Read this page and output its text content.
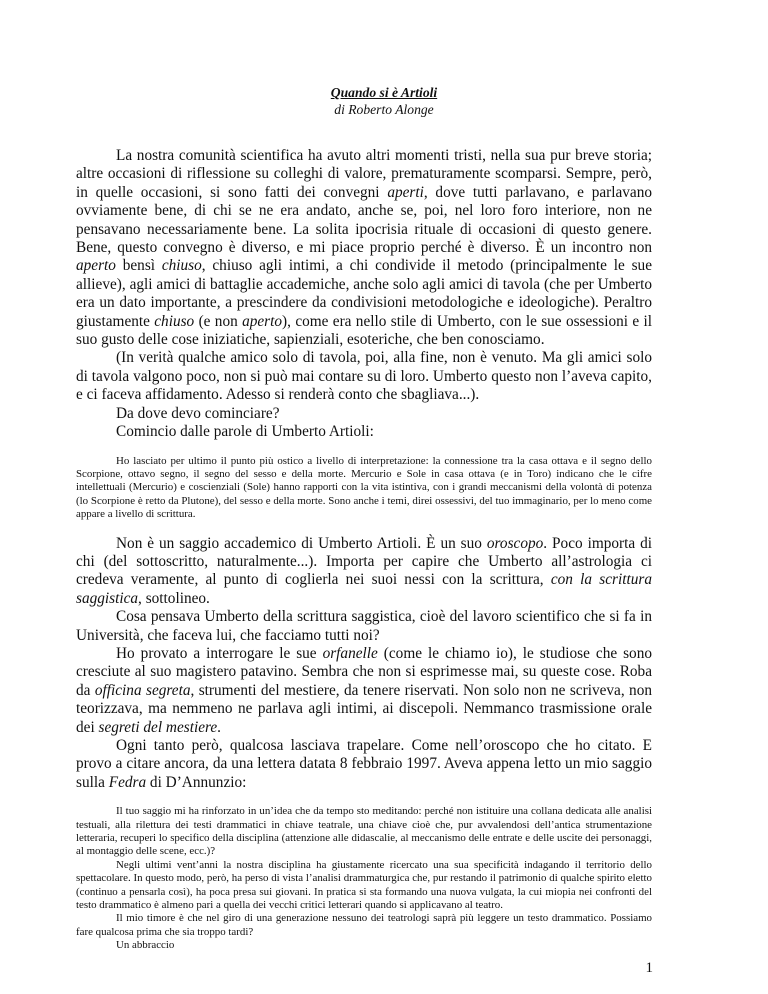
Quando si è Artioli
di Roberto Alonge

La nostra comunità scientifica ha avuto altri momenti tristi, nella sua pur breve storia; altre occasioni di riflessione su colleghi di valore, prematuramente scomparsi. Sempre, però, in quelle occasioni, si sono fatti dei convegni aperti, dove tutti parlavano, e parlavano ovviamente bene, di chi se ne era andato, anche se, poi, nel loro foro interiore, non ne pensavano necessariamente bene. La solita ipocrisia rituale di occasioni di questo genere. Bene, questo convegno è diverso, e mi piace proprio perché è diverso. È un incontro non aperto bensì chiuso, chiuso agli intimi, a chi condivide il metodo (principalmente le sue allieve), agli amici di battaglie accademiche, anche solo agli amici di tavola (che per Umberto era un dato importante, a prescindere da condivisioni metodologiche e ideologiche). Peraltro giustamente chiuso (e non aperto), come era nello stile di Umberto, con le sue ossessioni e il suo gusto delle cose iniziatiche, sapienziali, esoteriche, che ben conosciamo.

(In verità qualche amico solo di tavola, poi, alla fine, non è venuto. Ma gli amici solo di tavola valgono poco, non si può mai contare su di loro. Umberto questo non l’aveva capito, e ci faceva affidamento. Adesso si renderà conto che sbagliava...).

Da dove devo cominciare?

Comincio dalle parole di Umberto Artioli:

Ho lasciato per ultimo il punto più ostico a livello di interpretazione: la connessione tra la casa ottava e il segno dello Scorpione, ottavo segno, il segno del sesso e della morte. Mercurio e Sole in casa ottava (e in Toro) indicano che le cifre intellettuali (Mercurio) e coscienziali (Sole) hanno rapporti con la vita istintiva, con i grandi meccanismi della volontà di potenza (lo Scorpione è retto da Plutone), del sesso e della morte. Sono anche i temi, direi ossessivi, del tuo immaginario, per lo meno come appare a livello di scrittura.

Non è un saggio accademico di Umberto Artioli. È un suo oroscopo. Poco importa di chi (del sottoscritto, naturalmente...). Importa per capire che Umberto all’astrologia ci credeva veramente, al punto di coglierla nei suoi nessi con la scrittura, con la scrittura saggistica, sottolineo.

Cosa pensava Umberto della scrittura saggistica, cioè del lavoro scientifico che si fa in Università, che faceva lui, che facciamo tutti noi?

Ho provato a interrogare le sue orfanelle (come le chiamo io), le studiose che sono cresciute al suo magistero patavino. Sembra che non si esprimesse mai, su queste cose. Roba da officina segreta, strumenti del mestiere, da tenere riservati. Non solo non ne scriveva, non teorizzava, ma nemmeno ne parlava agli intimi, ai discepoli. Nemmanco trasmissione orale dei segreti del mestiere.

Ogni tanto però, qualcosa lasciava trapelare. Come nell’oroscopo che ho citato. E provo a citare ancora, da una lettera datata 8 febbraio 1997. Aveva appena letto un mio saggio sulla Fedra di D’Annunzio:

Il tuo saggio mi ha rinforzato in un’idea che da tempo sto meditando: perché non istituire una collana dedicata alle analisi testuali, alla rilettura dei testi drammatici in chiave teatrale, una chiave cioè che, pur avvalendosi dell’antica strumentazione letteraria, recuperi lo specifico della disciplina (attenzione alle didascalie, al meccanismo delle entrate e delle uscite dei personaggi, al montaggio delle scene, ecc.)?

Negli ultimi vent’anni la nostra disciplina ha giustamente ricercato una sua specificità indagando il territorio dello spettacolare. In questo modo, però, ha perso di vista l’analisi drammaturgica che, pur restando il patrimonio di qualche spirito eletto (continuo a pensarla così), ha poca presa sui giovani. In pratica si sta formando una nuova vulgata, la cui miopia nei confronti del testo drammatico è almeno pari a quella dei vecchi critici letterari quando si applicavano al teatro.

Il mio timore è che nel giro di una generazione nessuno dei teatrologi saprà più leggere un testo drammatico. Possiamo fare qualcosa prima che sia troppo tardi?

Un abbraccio

1
